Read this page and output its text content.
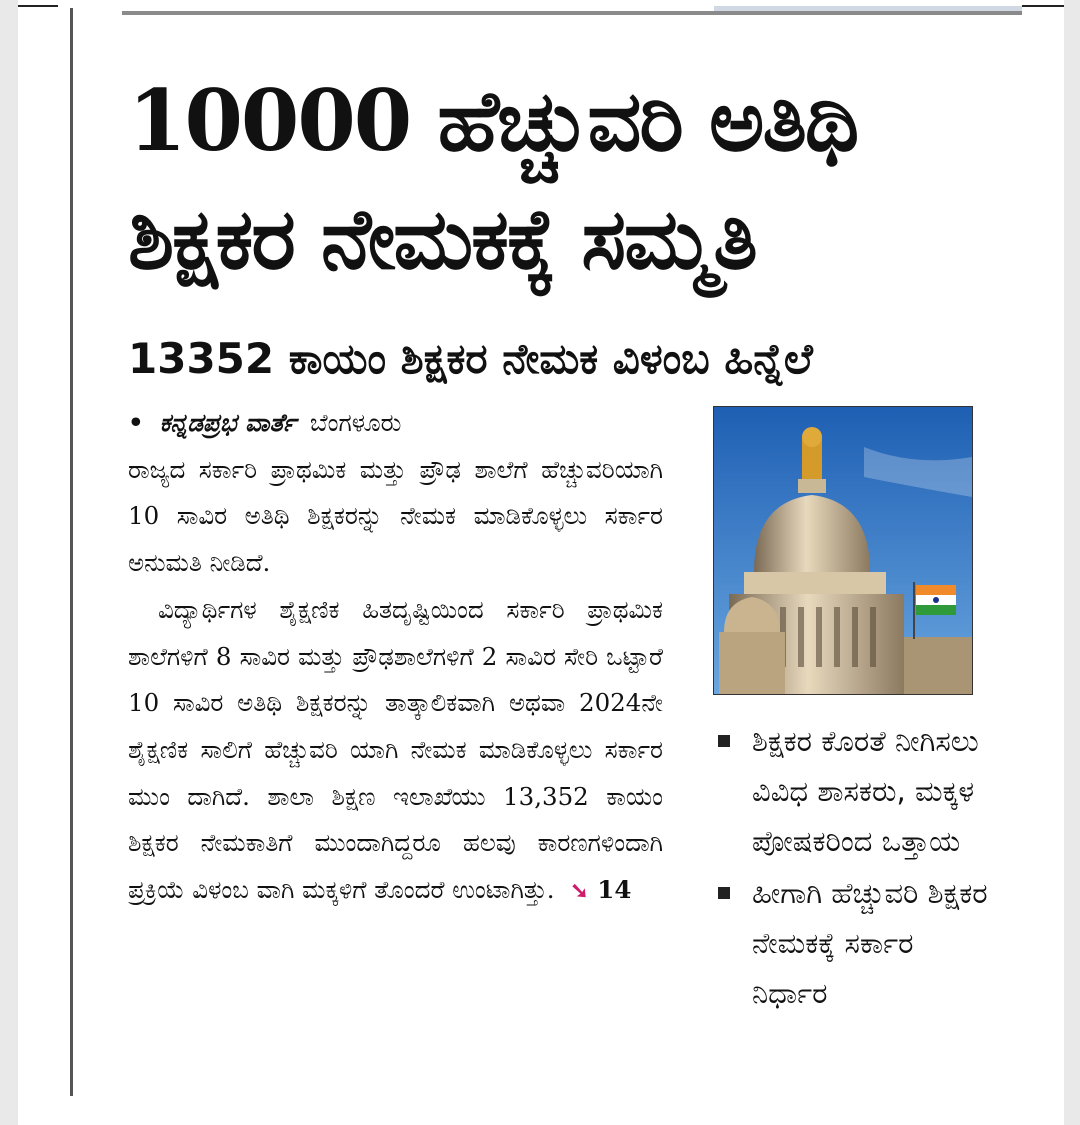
10000 ಹೆಚ್ಚುವರಿ ಅತಿಥಿ
ಶಿಕ್ಷಕರ ನೇಮಕಕ್ಕೆ ಸಮ್ಮತಿ
13352 ಕಾಯಂ ಶಿಕ್ಷಕರ ನೇಮಕ ವಿಳಂಬ ಹಿನ್ನೆಲೆ

• ಕನ್ನಡಪ್ರಭ ವಾರ್ತೆ ಬೆಂಗಳೂರು

ರಾಜ್ಯದ ಸರ್ಕಾರಿ ಪ್ರಾಥಮಿಕ ಮತ್ತು ಪ್ರೌಢ ಶಾಲೆಗೆ ಹೆಚ್ಚುವರಿಯಾಗಿ 10 ಸಾವಿರ ಅತಿಥಿ ಶಿಕ್ಷಕರನ್ನು ನೇಮಕ ಮಾಡಿಕೊಳ್ಳಲು ಸರ್ಕಾರ ಅನುಮತಿ ನೀಡಿದೆ.

ವಿದ್ಯಾರ್ಥಿಗಳ ಶೈಕ್ಷಣಿಕ ಹಿತದೃಷ್ಟಿಯಿಂದ ಸರ್ಕಾರಿ ಪ್ರಾಥಮಿಕ ಶಾಲೆಗಳಿಗೆ 8 ಸಾವಿರ ಮತ್ತು ಪ್ರೌಢಶಾಲೆಗಳಿಗೆ 2 ಸಾವಿರ ಸೇರಿ ಒಟ್ಟಾರೆ 10 ಸಾವಿರ ಅತಿಥಿ ಶಿಕ್ಷಕರನ್ನು ತಾತ್ಕಾಲಿಕವಾಗಿ ಅಥವಾ 2024ನೇ ಶೈಕ್ಷಣಿಕ ಸಾಲಿಗೆ ಹೆಚ್ಚುವರಿ ಯಾಗಿ ನೇಮಕ ಮಾಡಿಕೊಳ್ಳಲು ಸರ್ಕಾರ ಮುಂ ದಾಗಿದೆ. ಶಾಲಾ ಶಿಕ್ಷಣ ಇಲಾಖೆಯು 13,352 ಕಾಯಂ ಶಿಕ್ಷಕರ ನೇಮಕಾತಿಗೆ ಮುಂದಾಗಿದ್ದರೂ ಹಲವು ಕಾರಣಗಳಿಂದಾಗಿ ಪ್ರಕ್ರಿಯೆ ವಿಳಂಬ ವಾಗಿ ಮಕ್ಕಳಿಗೆ ತೊಂದರೆ ಉಂಟಾಗಿತ್ತು. ➘ 14

ಶಿಕ್ಷಕರ ಕೊರತೆ ನೀಗಿಸಲು ವಿವಿಧ ಶಾಸಕರು, ಮಕ್ಕಳ ಪೋಷಕರಿಂದ ಒತ್ತಾಯ
ಹೀಗಾಗಿ ಹೆಚ್ಚುವರಿ ಶಿಕ್ಷಕರ ನೇಮಕಕ್ಕೆ ಸರ್ಕಾರ ನಿರ್ಧಾರ
